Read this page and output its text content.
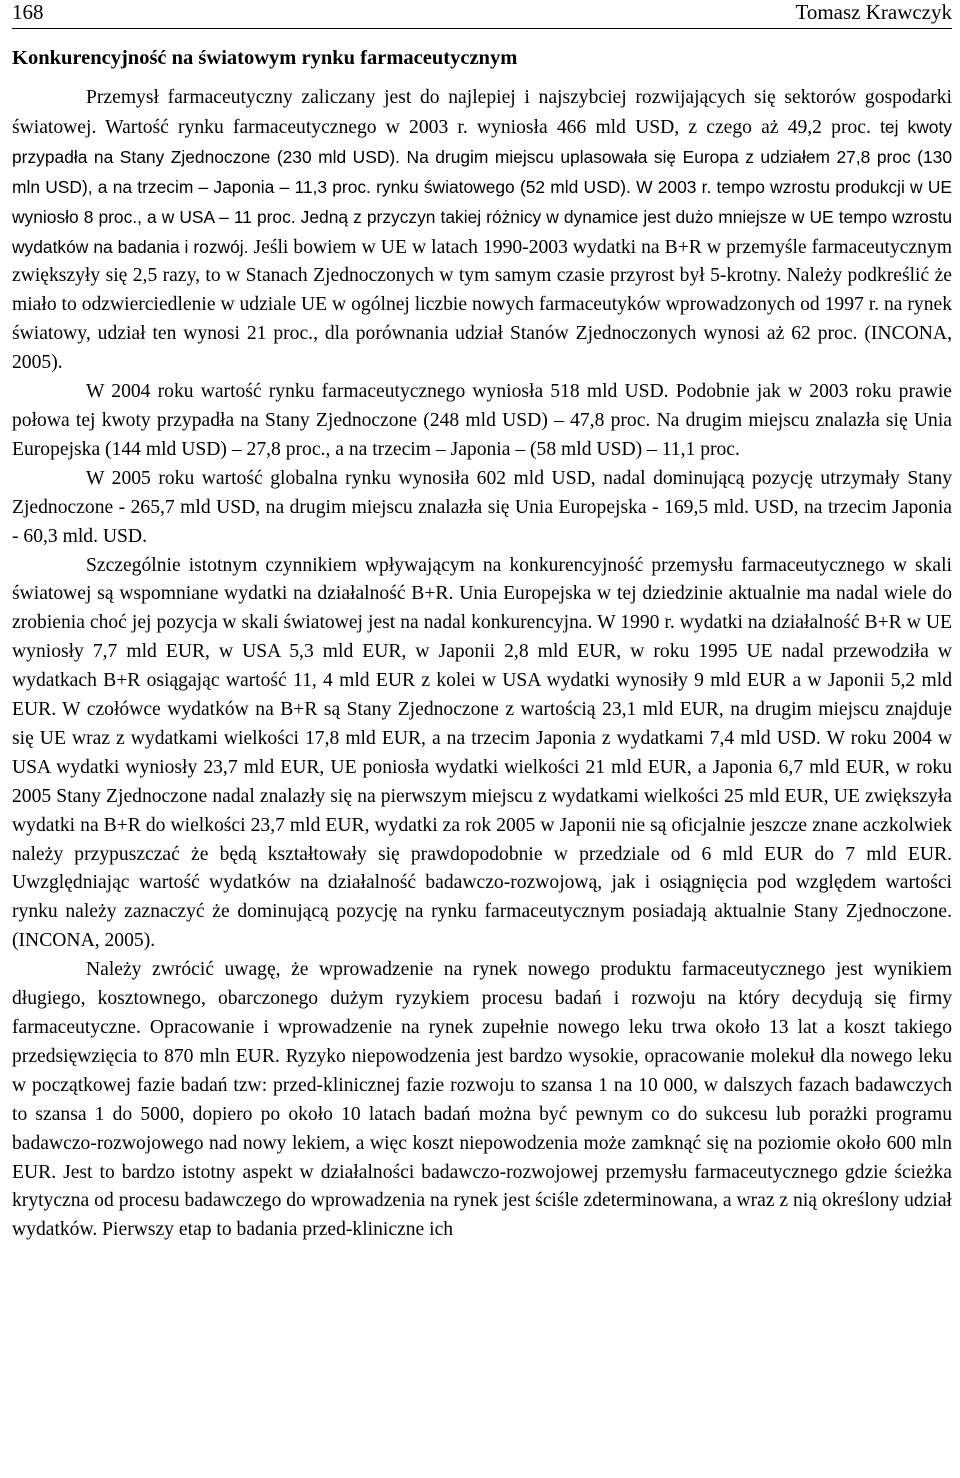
168	Tomasz Krawczyk
Konkurencyjność na światowym rynku farmaceutycznym

Przemysł farmaceutyczny zaliczany jest do najlepiej i najszybciej rozwijających się sektorów gospodarki światowej. Wartość rynku farmaceutycznego w 2003 r. wyniosła 466 mld USD, z czego aż 49,2 proc. tej kwoty przypadła na Stany Zjednoczone (230 mld USD). Na drugim miejscu uplasowała się Europa z udziałem 27,8 proc (130 mln USD), a na trzecim – Japonia – 11,3 proc. rynku światowego (52 mld USD). W 2003 r. tempo wzrostu produkcji w UE wyniosło 8 proc., a w USA – 11 proc. Jedną z przyczyn takiej różnicy w dynamice jest dużo mniejsze w UE tempo wzrostu wydatków na badania i rozwój. Jeśli bowiem w UE w latach 1990-2003 wydatki na B+R w przemyśle farmaceutycznym zwiększyły się 2,5 razy, to w Stanach Zjednoczonych w tym samym czasie przyrost był 5-krotny. Należy podkreślić że miało to odzwierciedlenie w udziale UE w ogólnej liczbie nowych farmaceutyków wprowadzonych od 1997 r. na rynek światowy, udział ten wynosi 21 proc., dla porównania udział Stanów Zjednoczonych wynosi aż 62 proc. (INCONA, 2005).

W 2004 roku wartość rynku farmaceutycznego wyniosła 518 mld USD. Podobnie jak w 2003 roku prawie połowa tej kwoty przypadła na Stany Zjednoczone (248 mld USD) – 47,8 proc. Na drugim miejscu znalazła się Unia Europejska (144 mld USD) – 27,8 proc., a na trzecim – Japonia – (58 mld USD) – 11,1 proc.

W 2005 roku wartość globalna rynku wynosiła 602 mld USD, nadal dominującą pozycję utrzymały Stany Zjednoczone - 265,7 mld USD, na drugim miejscu znalazła się Unia Europejska - 169,5 mld. USD, na trzecim Japonia - 60,3 mld. USD.

Szczególnie istotnym czynnikiem wpływającym na konkurencyjność przemysłu farmaceutycznego w skali światowej są wspomniane wydatki na działalność B+R. Unia Europejska w tej dziedzinie aktualnie ma nadal wiele do zrobienia choć jej pozycja w skali światowej jest na nadal konkurencyjna. W 1990 r. wydatki na działalność B+R w UE wyniosły 7,7 mld EUR, w USA 5,3 mld EUR, w Japonii 2,8 mld EUR, w roku 1995 UE nadal przewodziła w wydatkach B+R osiągając wartość 11, 4 mld EUR z kolei w USA wydatki wynosiły 9 mld EUR a w Japonii 5,2 mld EUR. W czołówce wydatków na B+R są Stany Zjednoczone z wartością 23,1 mld EUR, na drugim miejscu znajduje się UE wraz z wydatkami wielkości 17,8 mld EUR, a na trzecim Japonia z wydatkami 7,4 mld USD. W roku 2004 w USA wydatki wyniosły 23,7 mld EUR, UE poniosła wydatki wielkości 21 mld EUR, a Japonia 6,7 mld EUR, w roku 2005 Stany Zjednoczone nadal znalazły się na pierwszym miejscu z wydatkami wielkości 25 mld EUR, UE zwiększyła wydatki na B+R do wielkości 23,7 mld EUR, wydatki za rok 2005 w Japonii nie są oficjalnie jeszcze znane aczkolwiek należy przypuszczać że będą kształtowały się prawdopodobnie w przedziale od 6 mld EUR do 7 mld EUR. Uwzględniając wartość wydatków na działalność badawczo-rozwojową, jak i osiągnięcia pod względem wartości rynku należy zaznaczyć że dominującą pozycję na rynku farmaceutycznym posiadają aktualnie Stany Zjednoczone. (INCONA, 2005).

Należy zwrócić uwagę, że wprowadzenie na rynek nowego produktu farmaceutycznego jest wynikiem długiego, kosztownego, obarczonego dużym ryzykiem procesu badań i rozwoju na który decydują się firmy farmaceutyczne. Opracowanie i wprowadzenie na rynek zupełnie nowego leku trwa około 13 lat a koszt takiego przedsięwzięcia to 870 mln EUR. Ryzyko niepowodzenia jest bardzo wysokie, opracowanie molekuł dla nowego leku w początkowej fazie badań tzw: przed-klinicznej fazie rozwoju to szansa 1 na 10 000, w dalszych fazach badawczych to szansa 1 do 5000, dopiero po około 10 latach badań można być pewnym co do sukcesu lub porażki programu badawczo-rozwojowego nad nowy lekiem, a więc koszt niepowodzenia może zamknąć się na poziomie około 600 mln EUR. Jest to bardzo istotny aspekt w działalności badawczo-rozwojowej przemysłu farmaceutycznego gdzie ścieżka krytyczna od procesu badawczego do wprowadzenia na rynek jest ściśle zdeterminowana, a wraz z nią określony udział wydatków. Pierwszy etap to badania przed-kliniczne ich
